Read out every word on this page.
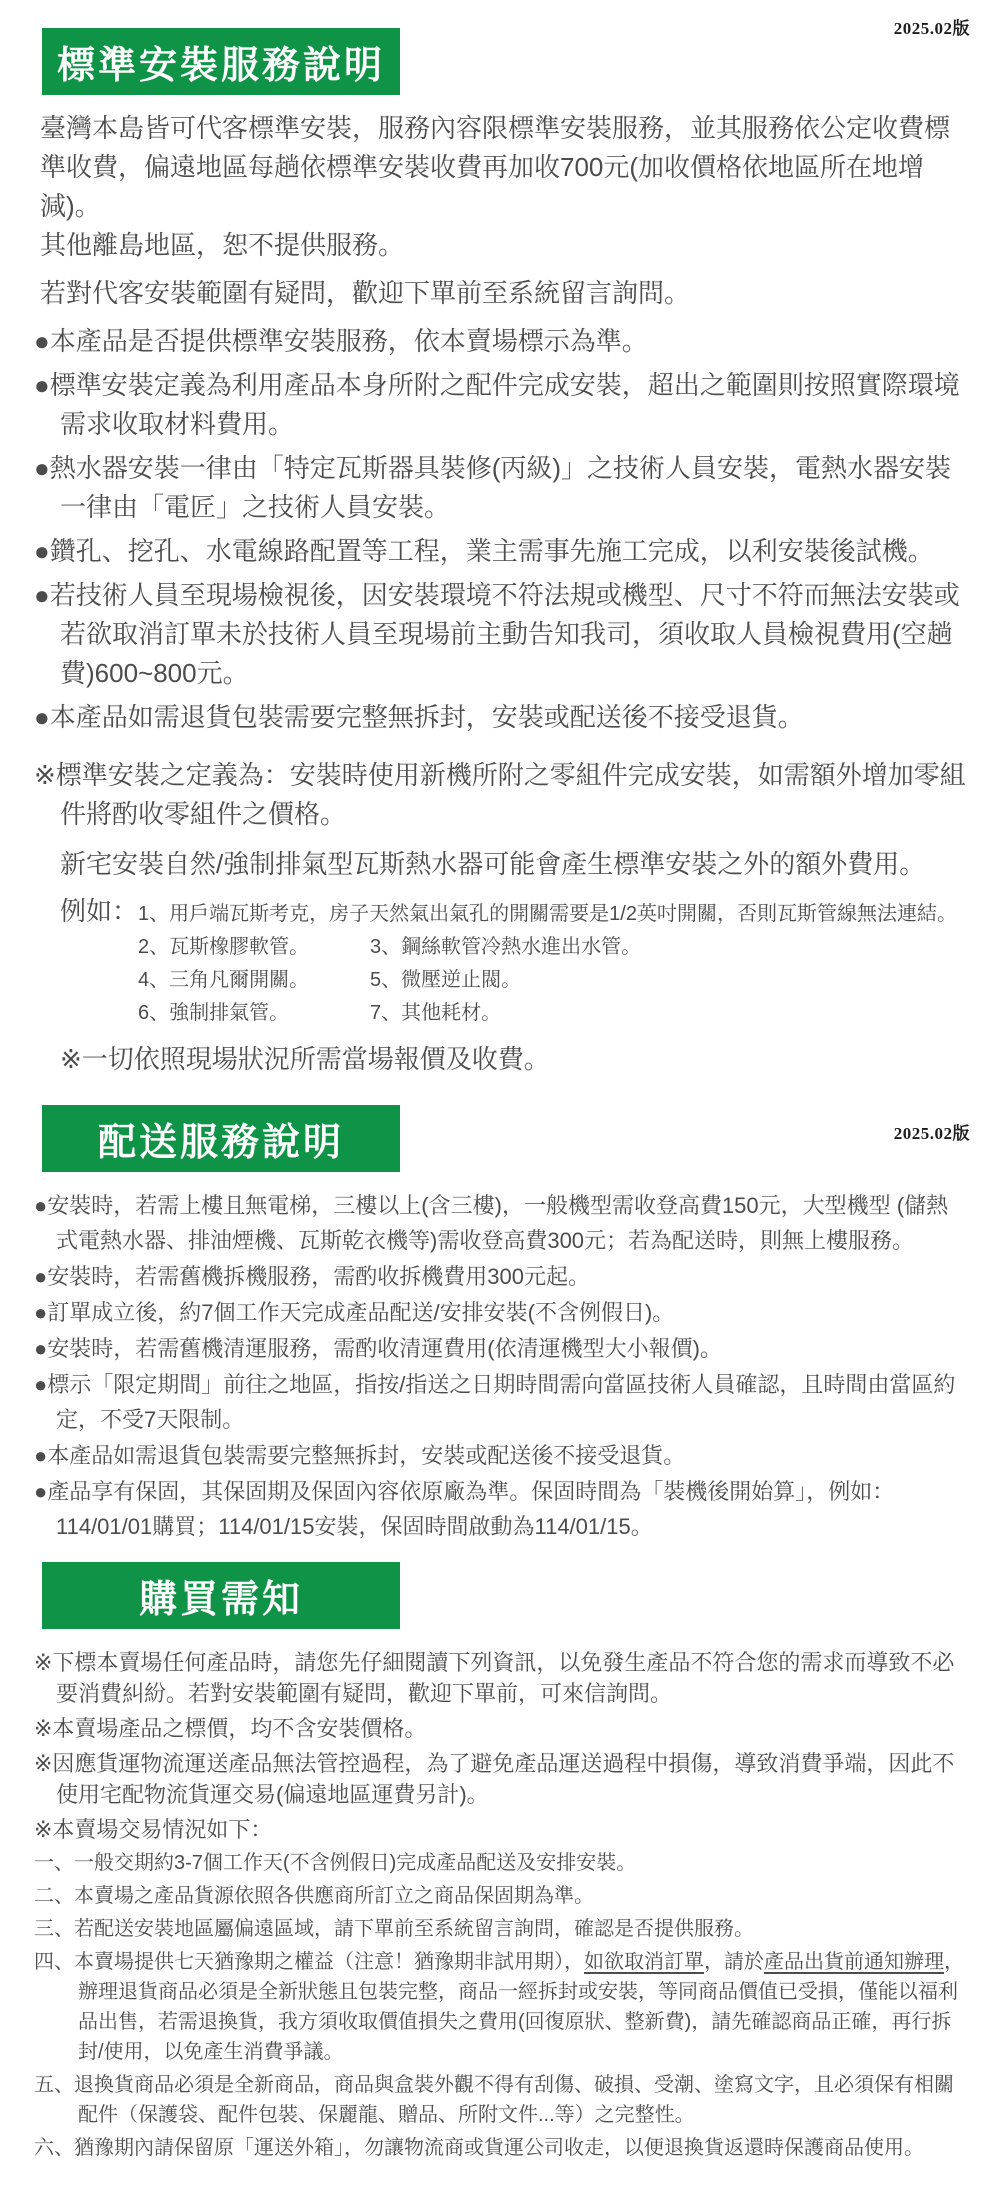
2025.02版
標準安裝服務說明

臺灣本島皆可代客標準安裝，服務內容限標準安裝服務，並其服務依公定收費標準收費，偏遠地區每趟依標準安裝收費再加收700元(加收價格依地區所在地增減)。

其他離島地區，恕不提供服務。

若對代客安裝範圍有疑問，歡迎下單前至系統留言詢問。

●本產品是否提供標準安裝服務，依本賣場標示為準。

●標準安裝定義為利用產品本身所附之配件完成安裝，超出之範圍則按照實際環境需求收取材料費用。

●熱水器安裝一律由「特定瓦斯器具裝修(丙級)」之技術人員安裝，電熱水器安裝一律由「電匠」之技術人員安裝。

●鑽孔、挖孔、水電線路配置等工程，業主需事先施工完成，以利安裝後試機。

●若技術人員至現場檢視後，因安裝環境不符法規或機型、尺寸不符而無法安裝或若欲取消訂單未於技術人員至現場前主動告知我司，須收取人員檢視費用(空趟費)600~800元。

●本產品如需退貨包裝需要完整無拆封，安裝或配送後不接受退貨。

※標準安裝之定義為：安裝時使用新機所附之零組件完成安裝，如需額外增加零組件將酌收零組件之價格。

新宅安裝自然/強制排氣型瓦斯熱水器可能會產生標準安裝之外的額外費用。

例如： 1、用戶端瓦斯考克，房子天然氣出氣孔的開關需要是1/2英吋開關，否則瓦斯管線無法連結。
2、瓦斯橡膠軟管。	3、鋼絲軟管冷熱水進出水管。
4、三角凡爾開關。	5、微壓逆止閥。
6、強制排氣管。	7、其他耗材。

※一切依照現場狀況所需當場報價及收費。

2025.02版
配送服務說明

●安裝時，若需上樓且無電梯，三樓以上(含三樓)，一般機型需收登高費150元，大型機型 (儲熱式電熱水器、排油煙機、瓦斯乾衣機等)需收登高費300元；若為配送時，則無上樓服務。

●安裝時，若需舊機拆機服務，需酌收拆機費用300元起。

●訂單成立後，約7個工作天完成產品配送/安排安裝(不含例假日)。

●安裝時，若需舊機清運服務，需酌收清運費用(依清運機型大小報價)。

●標示「限定期間」前往之地區，指按/指送之日期時間需向當區技術人員確認，且時間由當區約定，不受7天限制。

●本產品如需退貨包裝需要完整無拆封，安裝或配送後不接受退貨。

●產品享有保固，其保固期及保固內容依原廠為準。保固時間為「裝機後開始算」，例如：114/01/01購買；114/01/15安裝，保固時間啟動為114/01/15。

購買需知

※下標本賣場任何產品時，請您先仔細閱讀下列資訊，以免發生產品不符合您的需求而導致不必要消費糾紛。若對安裝範圍有疑問，歡迎下單前，可來信詢問。

※本賣場產品之標價，均不含安裝價格。

※因應貨運物流運送產品無法管控過程，為了避免產品運送過程中損傷，導致消費爭端，因此不使用宅配物流貨運交易(偏遠地區運費另計)。

※本賣場交易情況如下：

一、一般交期約3-7個工作天(不含例假日)完成產品配送及安排安裝。

二、本賣場之產品貨源依照各供應商所訂立之商品保固期為準。

三、若配送安裝地區屬偏遠區域，請下單前至系統留言詢問，確認是否提供服務。

四、本賣場提供七天猶豫期之權益（注意！猶豫期非試用期），如欲取消訂單，請於產品出貨前通知辦理，辦理退貨商品必須是全新狀態且包裝完整，商品一經拆封或安裝，等同商品價值已受損，僅能以福利品出售，若需退換貨，我方須收取價值損失之費用(回復原狀、整新費)，請先確認商品正確，再行拆封/使用，以免產生消費爭議。

五、退換貨商品必須是全新商品，商品與盒裝外觀不得有刮傷、破損、受潮、塗寫文字，且必須保有相關配件（保護袋、配件包裝、保麗龍、贈品、所附文件...等）之完整性。

六、猶豫期內請保留原「運送外箱」，勿讓物流商或貨運公司收走，以便退換貨返還時保護商品使用。
